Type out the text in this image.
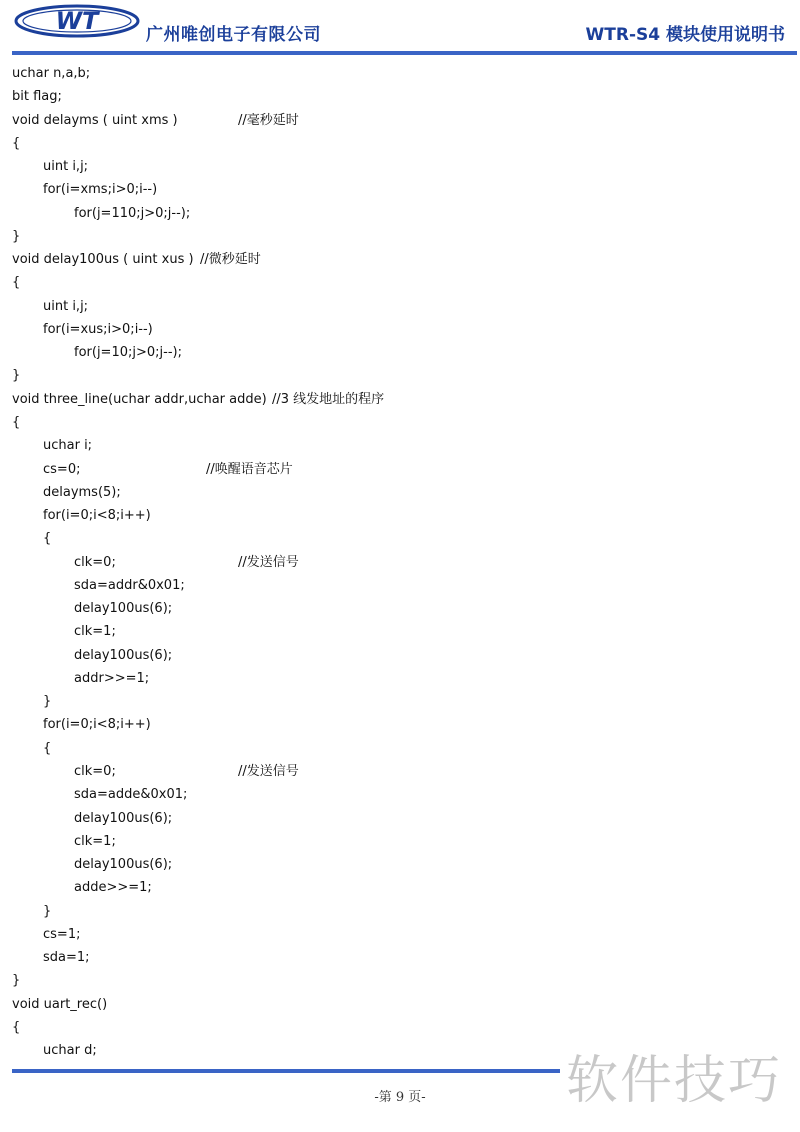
WT	广州唯创电子有限公司	WTR-S4 模块使用说明书
uchar n,a,b;
bit flag;
void delayms ( uint xms )	//毫秒延时
{
uint i,j;
for(i=xms;i>0;i--)
for(j=110;j>0;j--);
}
void delay100us ( uint xus ) //微秒延时
{
uint i,j;
for(i=xus;i>0;i--)
for(j=10;j>0;j--);
}
void three_line(uchar addr,uchar adde) //3 线发地址的程序
{
uchar i;
cs=0;	//唤醒语音芯片
delayms(5);
for(i=0;i<8;i++)
{
clk=0;	//发送信号
sda=addr&0x01;
delay100us(6);
clk=1;
delay100us(6);
addr>>=1;
}
for(i=0;i<8;i++)
{
clk=0;	//发送信号
sda=adde&0x01;
delay100us(6);
clk=1;
delay100us(6);
adde>>=1;
}
cs=1;
sda=1;
}
void uart_rec()
{
uchar d;
软件技巧
-第 9 页-
